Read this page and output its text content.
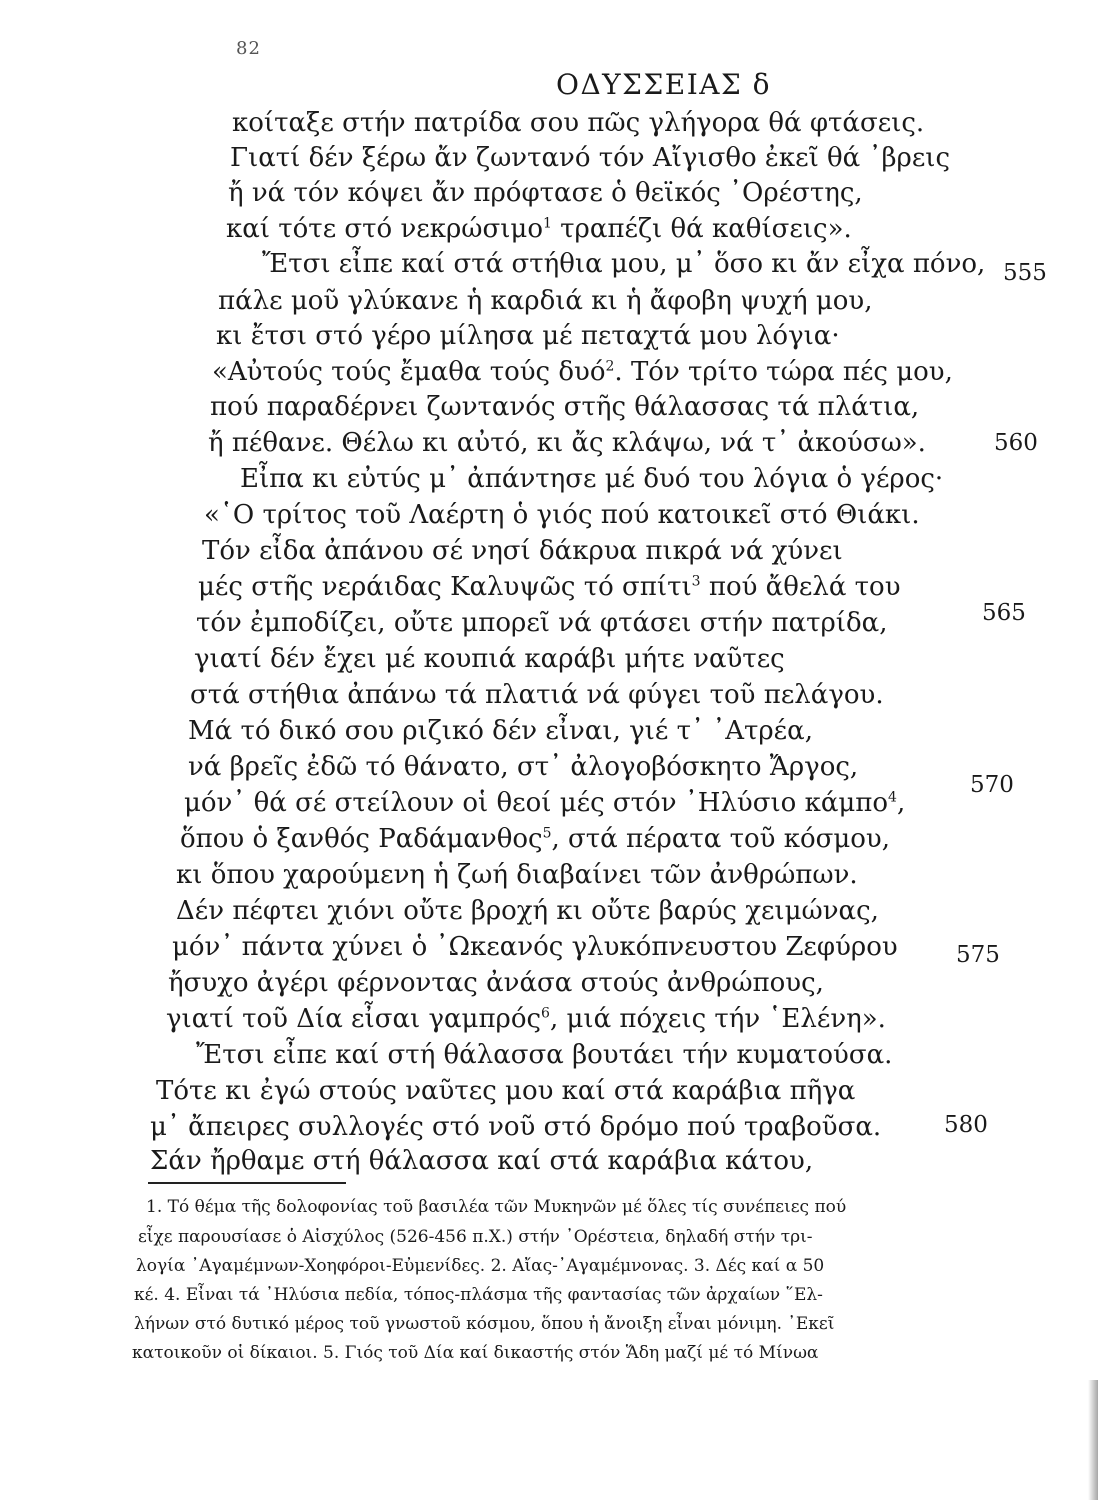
82
ΟΔΥΣΣΕΙΑΣ δ
κοίταξε στήν πατρίδα σου πῶς γλήγορα θά φτάσεις.
Γιατί δέν ξέρω ἄν ζωντανό τόν Αἴγισθο ἐκεῖ θά ᾿βρεις
ἤ νά τόν κόψει ἄν πρόφτασε ὁ θεϊκός ᾿Ορέστης,
καί τότε στό νεκρώσιμο$^1$ τραπέζι θά καθίσεις».
Ἔτσι εἶπε καί στά στήθια μου, μ᾿ ὅσο κι ἄν εἶχα πόνο,
πάλε μοῦ γλύκανε ἡ καρδιά κι ἡ ἄφοβη ψυχή μου,
κι ἔτσι στό γέρο μίλησα μέ πεταχτά μου λόγια·
«Αὐτούς τούς ἔμαθα τούς δυό$^2$. Τόν τρίτο τώρα πές μου,
πού παραδέρνει ζωντανός στῆς θάλασσας τά πλάτια,
ἤ πέθανε. Θέλω κι αὐτό, κι ἄς κλάψω, νά τ᾿ ἀκούσω».
Εἶπα κι εὐτύς μ᾿ ἀπάντησε μέ δυό του λόγια ὁ γέρος·
«῾Ο τρίτος τοῦ Λαέρτη ὁ γιός πού κατοικεῖ στό Θιάκι.
Τόν εἶδα ἀπάνου σέ νησί δάκρυα πικρά νά χύνει
μές στῆς νεράιδας Καλυψῶς τό σπίτι$^3$ πού ἄθελά του
τόν ἐμποδίζει, οὔτε μπορεῖ νά φτάσει στήν πατρίδα,
γιατί δέν ἔχει μέ κουπιά καράβι μήτε ναῦτες
στά στήθια ἀπάνω τά πλατιά νά φύγει τοῦ πελάγου.
Μά τό δικό σου ριζικό δέν εἶναι, γιέ τ᾿ ᾿Ατρέα,
νά βρεῖς ἐδῶ τό θάνατο, στ᾿ ἀλογοβόσκητο Ἄργος,
μόν᾿ θά σέ στείλουν οἱ θεοί μές στόν ᾿Ηλύσιο κάμπο$^4$,
ὅπου ὁ ξανθός Ραδάμανθος$^5$, στά πέρατα τοῦ κόσμου,
κι ὅπου χαρούμενη ἡ ζωή διαβαίνει τῶν ἀνθρώπων.
Δέν πέφτει χιόνι οὔτε βροχή κι οὔτε βαρύς χειμώνας,
μόν᾿ πάντα χύνει ὁ ᾿Ωκεανός γλυκόπνευστου Ζεφύρου
ἤσυχο ἀγέρι φέρνοντας ἀνάσα στούς ἀνθρώπους,
γιατί τοῦ Δία εἶσαι γαμπρός$^6$, μιά πόχεις τήν ῾Ελένη».
Ἔτσι εἶπε καί στή θάλασσα βουτάει τήν κυματούσα.
Τότε κι ἐγώ στούς ναῦτες μου καί στά καράβια πῆγα
μ᾿ ἄπειρες συλλογές στό νοῦ στό δρόμο πού τραβοῦσα.
Σάν ἤρθαμε στή θάλασσα καί στά καράβια κάτου,
555
560
565
570
575
580
1. Τό θέμα τῆς δολοφονίας τοῦ βασιλέα τῶν Μυκηνῶν μέ ὅλες τίς συνέπειες πού
εἶχε παρουσίασε ὁ Αἰσχύλος (526-456 π.Χ.) στήν ᾿Ορέστεια, δηλαδή στήν τρι-
λογία ᾿Αγαμέμνων-Χοηφόροι-Εὐμενίδες. 2. Αἴας-᾿Αγαμέμνονας. 3. Δές καί α 50
κέ. 4. Εἶναι τά ᾿Ηλύσια πεδία, τόπος-πλάσμα τῆς φαντασίας τῶν ἀρχαίων ῞Ελ-
λήνων στό δυτικό μέρος τοῦ γνωστοῦ κόσμου, ὅπου ἡ ἄνοιξη εἶναι μόνιμη. ᾿Εκεῖ
κατοικοῦν οἱ δίκαιοι. 5. Γιός τοῦ Δία καί δικαστής στόν Ἅδη μαζί μέ τό Μίνωα
